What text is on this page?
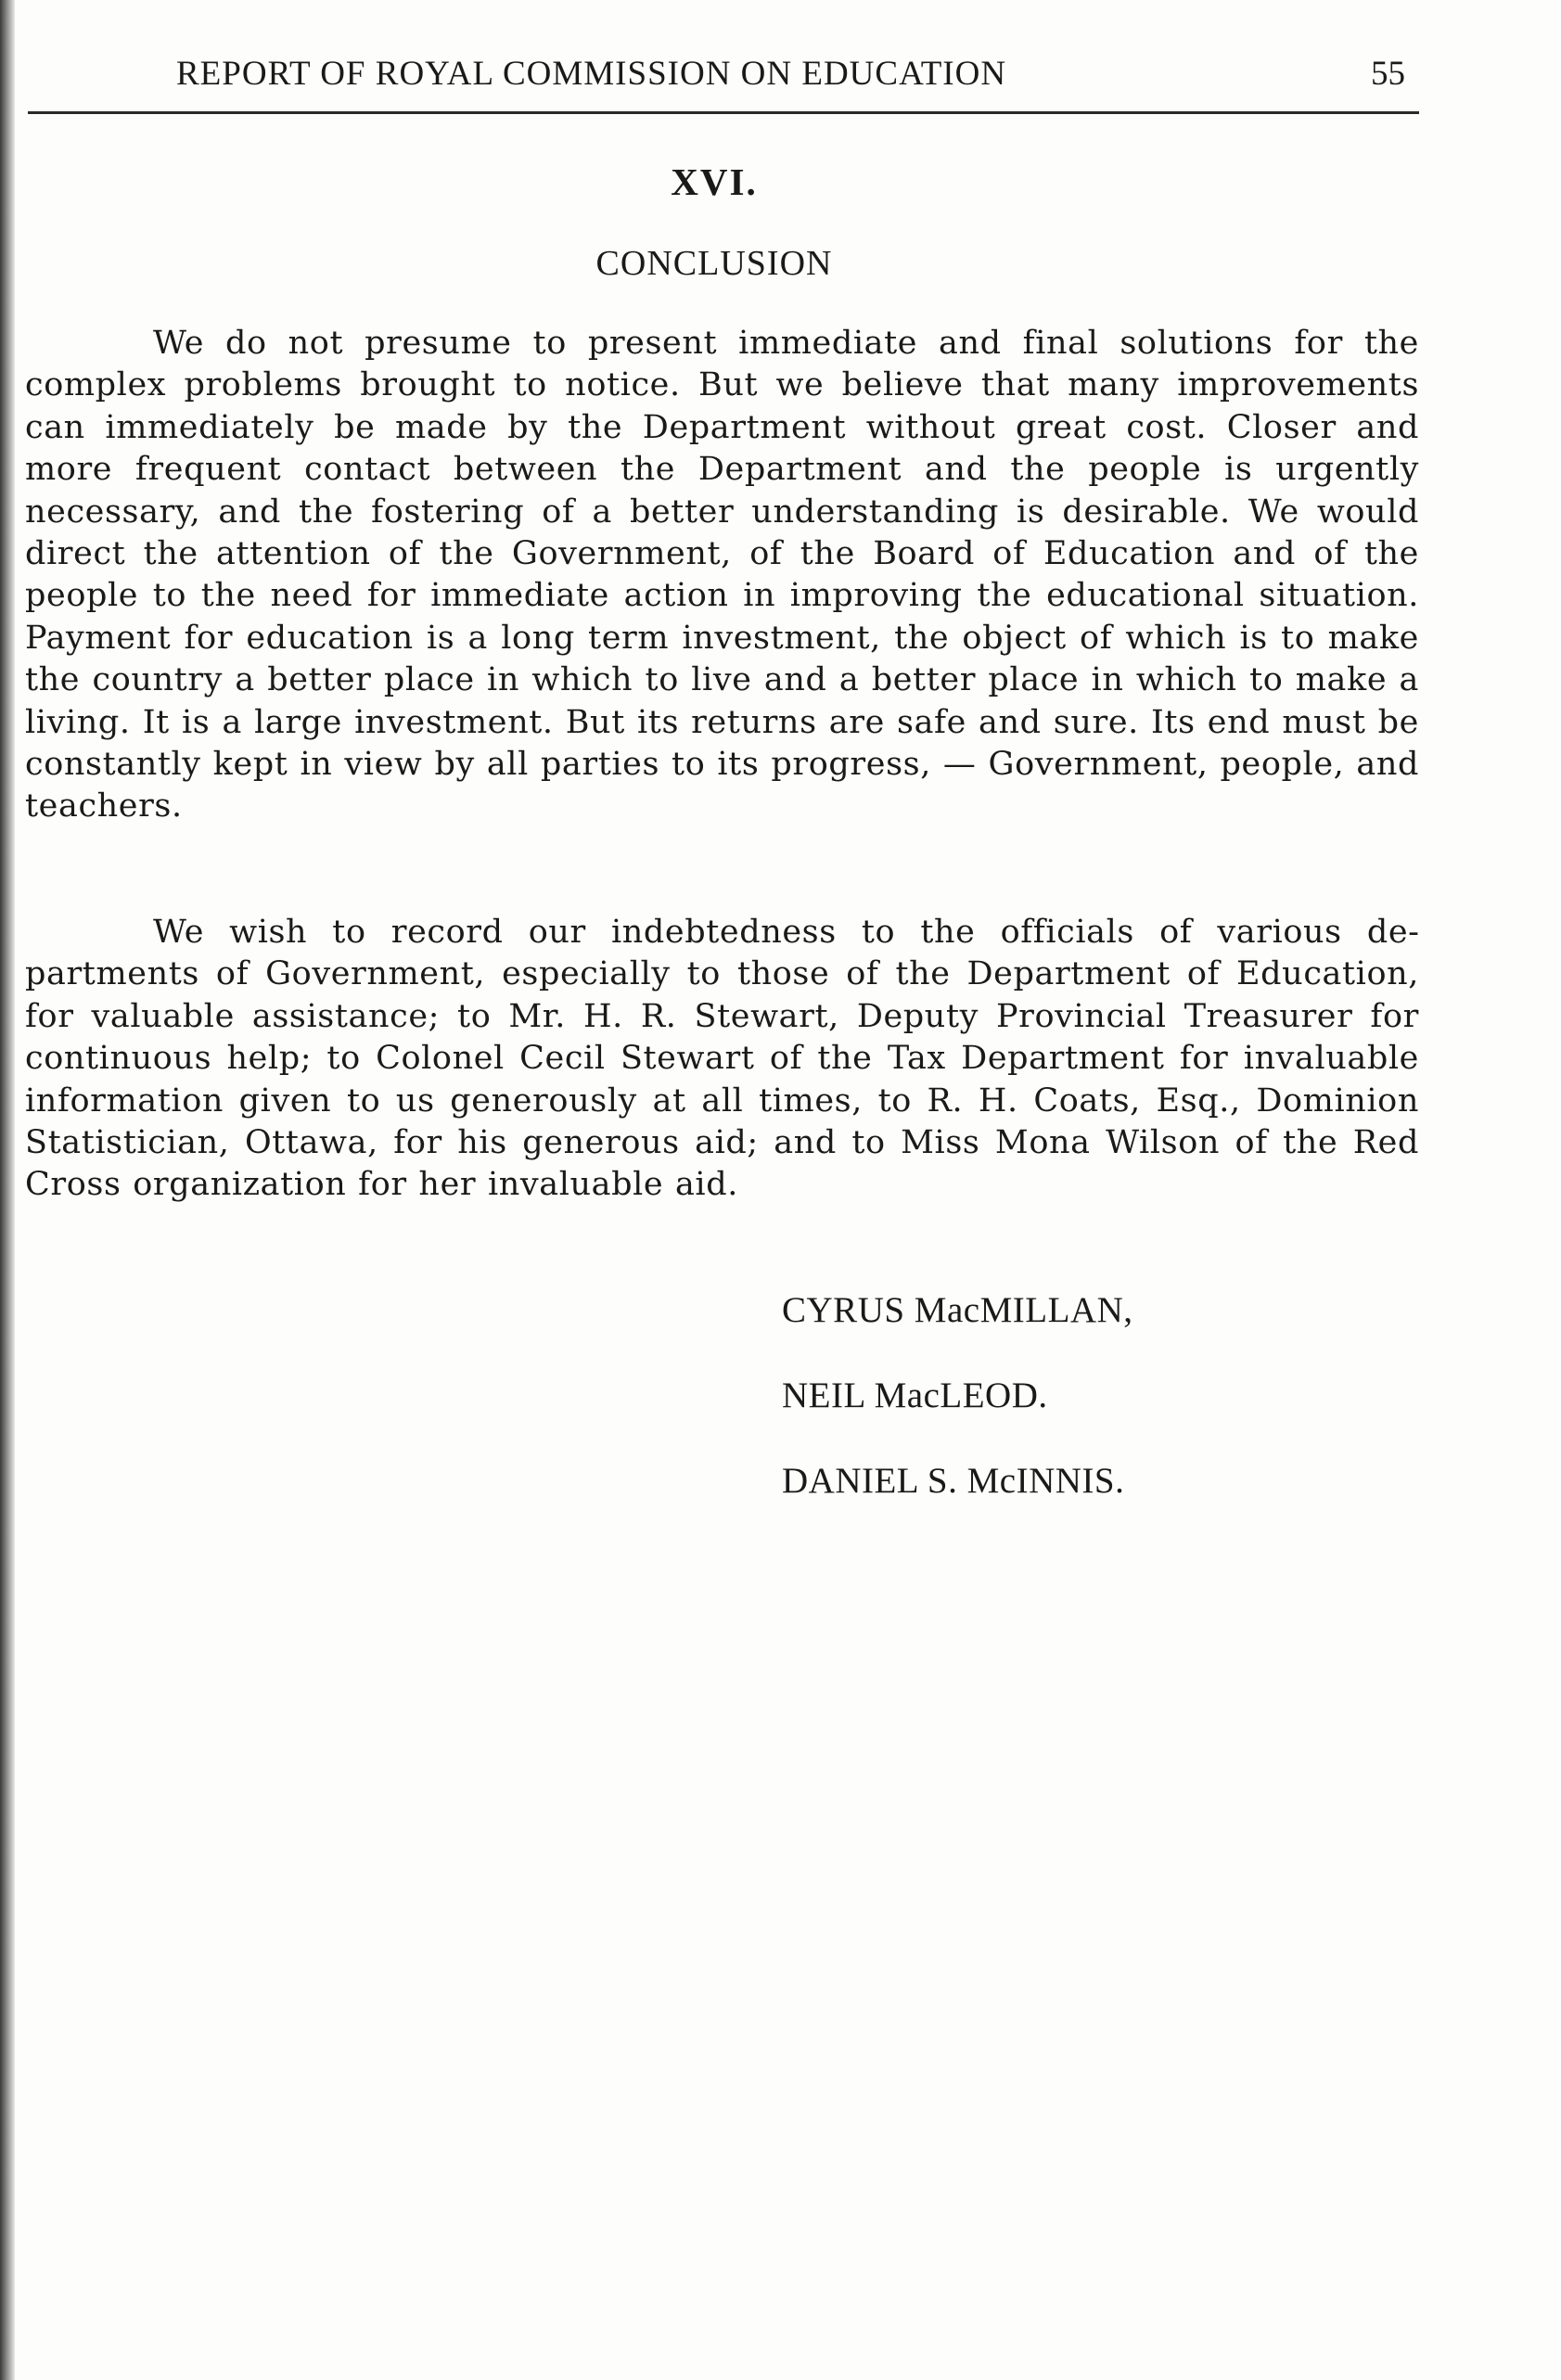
REPORT OF ROYAL COMMISSION ON EDUCATION	55
XVI.
CONCLUSION

We do not presume to present immediate and final solutions for the complex problems brought to notice. But we believe that many improvements can immediately be made by the Department without great cost. Closer and more frequent contact between the Department and the people is urgently necessary, and the fostering of a better understanding is desirable. We would direct the attention of the Government, of the Board of Education and of the people to the need for immediate action in improving the educational situation. Payment for education is a long term investment, the object of which is to make the country a better place in which to live and a better place in which to make a living. It is a large investment. But its returns are safe and sure. Its end must be constantly kept in view by all parties to its progress, — Government, people, and teachers.

We wish to record our indebtedness to the officials of various departments of Government, especially to those of the Department of Education, for valuable assistance; to Mr. H. R. Stewart, Deputy Provincial Treasurer for continuous help; to Colonel Cecil Stewart of the Tax Department for invaluable information given to us generously at all times, to R. H. Coats, Esq., Dominion Statistician, Ottawa, for his generous aid; and to Miss Mona Wilson of the Red Cross organization for her invaluable aid.

CYRUS MacMILLAN,
NEIL MacLEOD.
DANIEL S. McINNIS.
